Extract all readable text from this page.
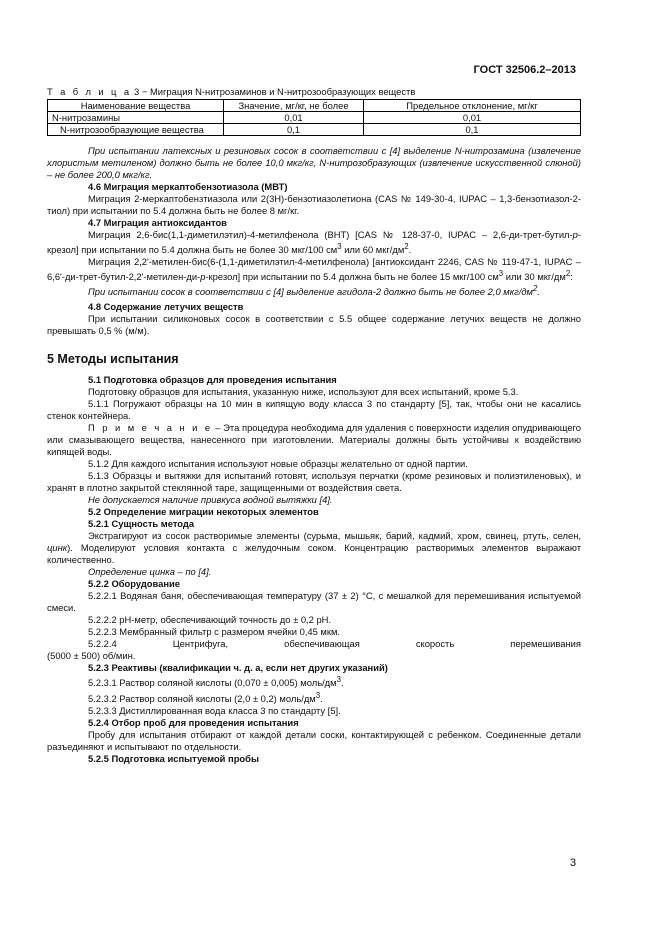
ГОСТ 32506.2–2013
Т а б л и ц а 3 − Миграция N-нитрозаминов и N-нитрозообразующих веществ
Наименование вещества	Значение, мг/кг, не более	Предельное отклонение, мг/кг
N-нитрозамины	0,01	0,01
N-нитрозообразующие вещества	0,1	0,1

При испытании латексных и резиновых сосок в соответствии с [4] выделение N-нитрозамина (извлечение хлористым метиленом) должно быть не более 10,0 мкг/кг, N-нитрозобразующих (извлечение искусственной слюной) – не более 200,0 мкг/кг.

4.6 Миграция меркаптобензотиазола (МВТ)

Миграция 2-меркаптобензтиазола или 2(3Н)-бензотиазолетиона (CAS № 149-30-4, IUPAC – 1,3-бензотиазол-2-тиол) при испытании по 5.4 должна быть не более 8 мг/кг.

4.7 Миграция антиоксидантов

Миграция 2,6-бис(1,1-диметилэтил)-4-метилфенола (ВНТ) [CAS № 128-37-0, IUPAC – 2,6-ди-трет-бутил-p-крезол] при испытании по 5.4 должна быть не более 30 мкг/100 $см^3$ или 60 мкг/$дм^2$.

Миграция 2,2'-метилен-бис(6-(1,1-диметилэтил-4-метилфенола) [антиоксидант 2246, CAS № 119-47-1, IUPAC – 6,6'-ди-трет-бутил-2,2'-метилен-ди-p-крезол] при испытании по 5.4 должна быть не более 15 мкг/100 $см^3$ или 30 мкг/$дм^2$:

При испытании сосок в соответствии с [4] выделение агидола-2 должно быть не более 2,0 мкг/$дм^2$.

4.8 Содержание летучих веществ

При испытании силиконовых сосок в соответствии с 5.5 общее содержание летучих веществ не должно превышать 0,5 % (м/м).

5 Методы испытания

5.1 Подготовка образцов для проведения испытания

Подготовку образцов для испытания, указанную ниже, используют для всех испытаний, кроме 5.3.

5.1.1 Погружают образцы на 10 мин в кипящую воду класса 3 по стандарту [5], так, чтобы они не касались стенок контейнера.

П р и м е ч а н и е – Эта процедура необходима для удаления с поверхности изделия опудривающего или смазывающего вещества, нанесенного при изготовлении. Материалы должны быть устойчивы к воздействию кипящей воды.

5.1.2 Для каждого испытания используют новые образцы желательно от одной партии.

5.1.3 Образцы и вытяжки для испытаний готовят, используя перчатки (кроме резиновых и полиэтиленовых), и хранят в плотно закрытой стеклянной таре, защищенными от воздействия света.

Не допускается наличие привкуса водной вытяжки [4].

5.2 Определение миграции некоторых элементов

5.2.1 Сущность метода

Экстрагируют из сосок растворимые элементы (сурьма, мышьяк, барий, кадмий, хром, свинец, ртуть, селен, цинк). Моделируют условия контакта с желудочным соком. Концентрацию растворимых элементов выражают количественно.

Определение цинка – по [4].

5.2.2 Оборудование

5.2.2.1 Водяная баня, обеспечивающая температуру (37 ± 2) °С, с мешалкой для перемешивания испытуемой смеси.

5.2.2.2 pH-метр, обеспечивающий точность до ± 0,2 pH.

5.2.2.3 Мембранный фильтр с размером ячейки 0,45 мкм.

5.2.2.4	Центрифуга,	обеспечивающая	скорость	перемешивания

(5000 ± 500) об/мин.

5.2.3 Реактивы (квалификации ч. д. а, если нет других указаний)

5.2.3.1 Раствор соляной кислоты (0,070 ± 0,005) моль/$дм^3$.

5.2.3.2 Раствор соляной кислоты (2,0 ± 0,2) моль/$дм^3$.

5.2.3.3 Дистиллированная вода класса 3 по стандарту [5].

5.2.4 Отбор проб для проведения испытания

Пробу для испытания отбирают от каждой детали соски, контактирующей с ребенком. Соединенные детали разъединяют и испытывают по отдельности.

5.2.5 Подготовка испытуемой пробы

3
